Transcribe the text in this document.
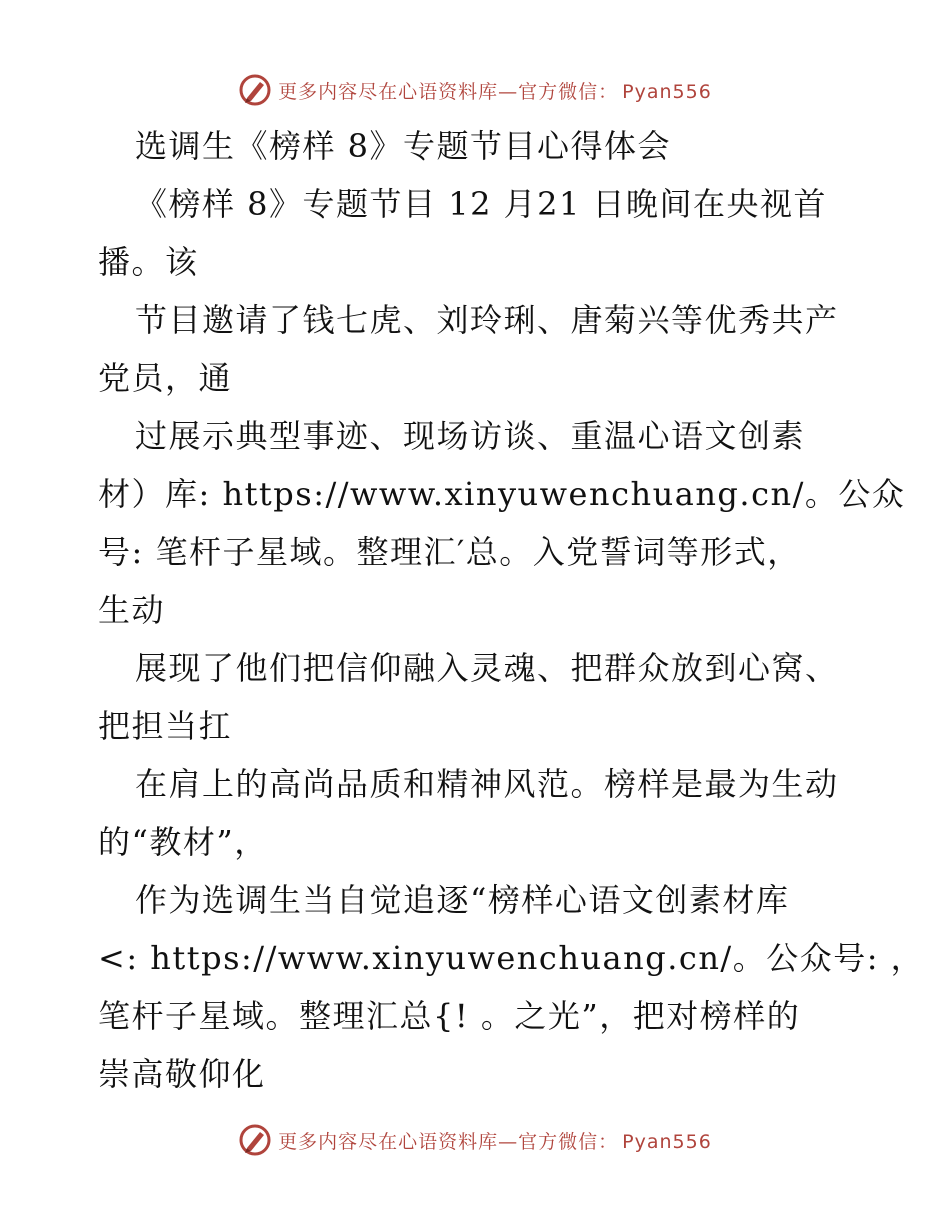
更多内容尽在心语资料库—官方微信： Pyan556
选调生《榜样 8》专题节目心得体会
《榜样 8》专题节目 12 月21 日晚间在央视首
播。该
节目邀请了钱七虎、刘玲琍、唐菊兴等优秀共产
党员，通
过展示典型事迹、现场访谈、重温心语文创素
材）库: https://www.xinyuwenchuang.cn/。公众
号: 笔杆子星域。整理汇′总。入党誓词等形式，
生动
展现了他们把信仰融入灵魂、把群众放到心窝、
把担当扛
在肩上的高尚品质和精神风范。榜样是最为生动
的“教材”，
作为选调生当自觉追逐“榜样心语文创素材库
<: https://www.xinyuwenchuang.cn/。公众号: ，
笔杆子星域。整理汇总{! 。之光”，把对榜样的
崇高敬仰化
更多内容尽在心语资料库—官方微信： Pyan556
